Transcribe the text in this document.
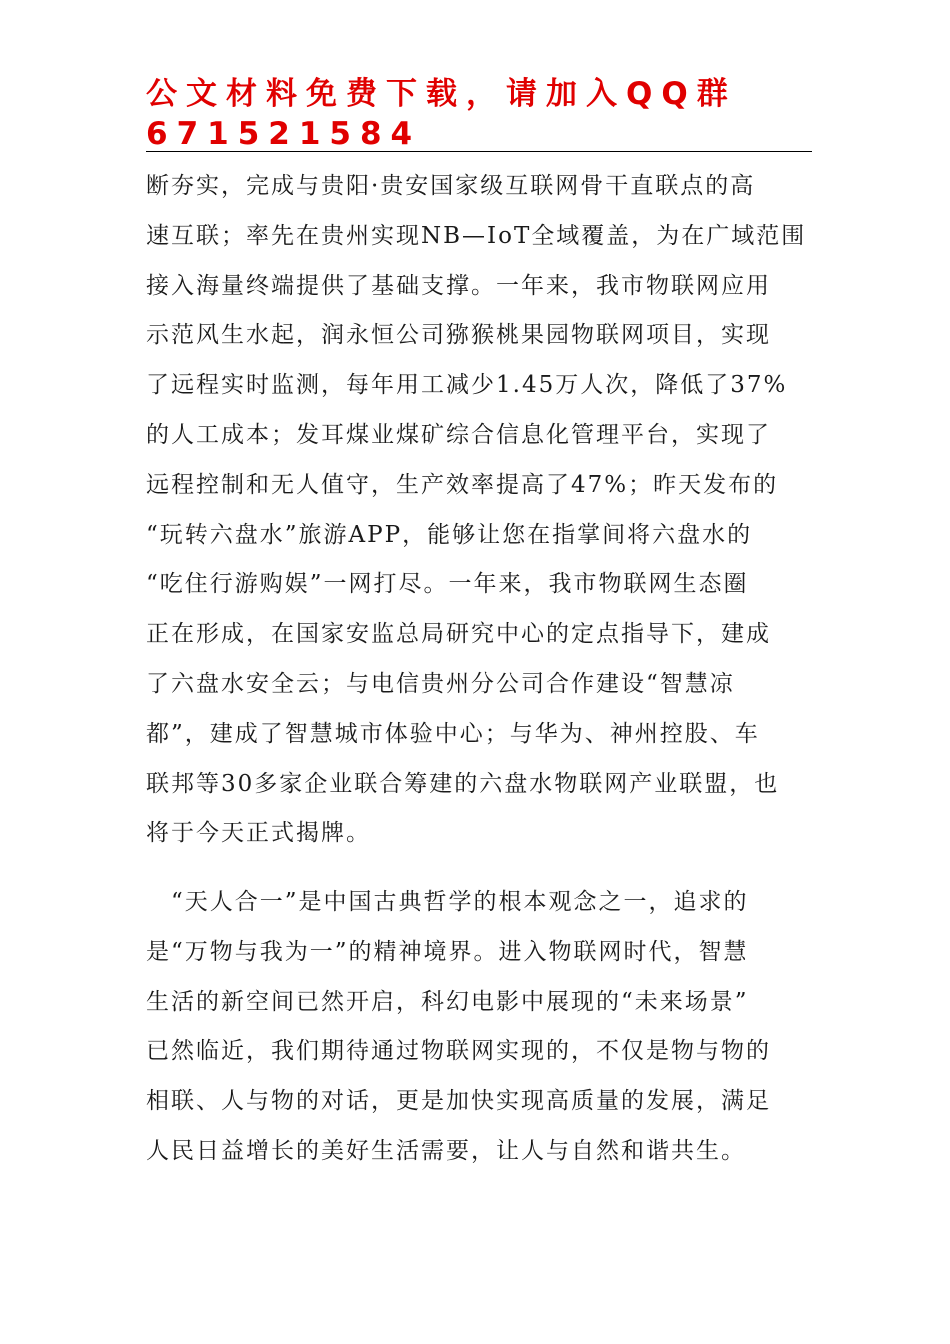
公文材料免费下载，请加入QQ群
671521584
断夯实，完成与贵阳·贵安国家级互联网骨干直联点的高
速互联；率先在贵州实现NB—IoT全域覆盖，为在广域范围
接入海量终端提供了基础支撑。一年来，我市物联网应用
示范风生水起，润永恒公司猕猴桃果园物联网项目，实现
了远程实时监测，每年用工减少1.45万人次，降低了37%
的人工成本；发耳煤业煤矿综合信息化管理平台，实现了
远程控制和无人值守，生产效率提高了47%；昨天发布的
“玩转六盘水”旅游APP，能够让您在指掌间将六盘水的
“吃住行游购娱”一网打尽。一年来，我市物联网生态圈
正在形成，在国家安监总局研究中心的定点指导下，建成
了六盘水安全云；与电信贵州分公司合作建设“智慧凉
都”，建成了智慧城市体验中心；与华为、神州控股、车
联邦等30多家企业联合筹建的六盘水物联网产业联盟，也
将于今天正式揭牌。
　“天人合一”是中国古典哲学的根本观念之一，追求的
是“万物与我为一”的精神境界。进入物联网时代，智慧
生活的新空间已然开启，科幻电影中展现的“未来场景”
已然临近，我们期待通过物联网实现的，不仅是物与物的
相联、人与物的对话，更是加快实现高质量的发展，满足
人民日益增长的美好生活需要，让人与自然和谐共生。
